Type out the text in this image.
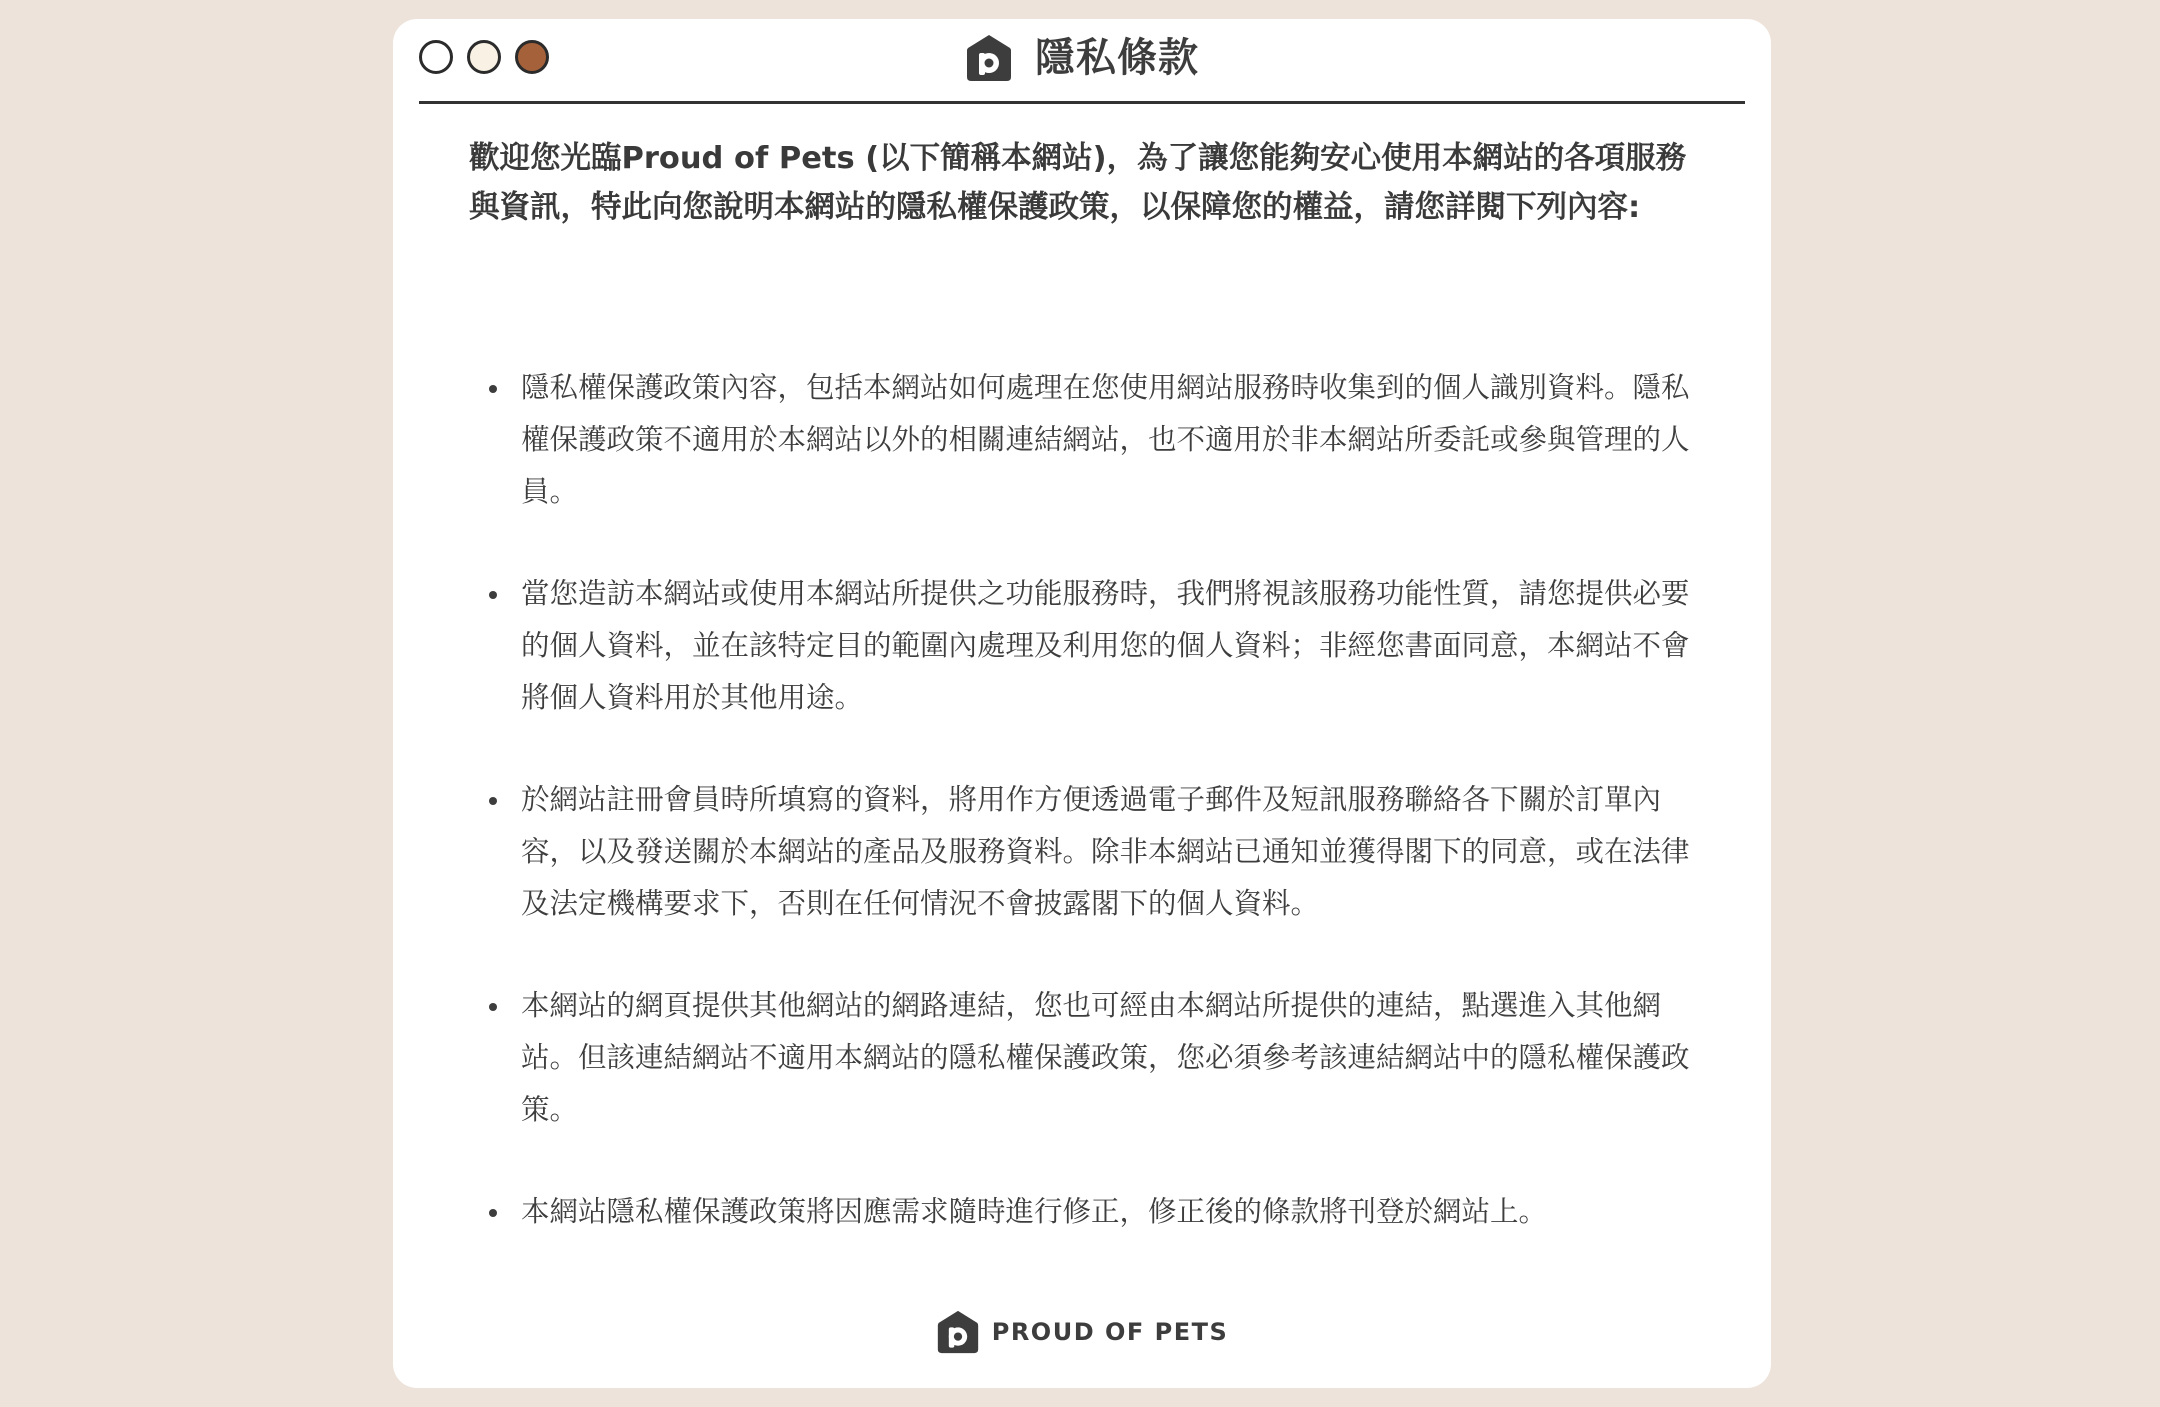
隱私條款

歡迎您光臨Proud of Pets (以下簡稱本網站)，為了讓您能夠安心使用本網站的各項服務與資訊，特此向您說明本網站的隱私權保護政策，以保障您的權益，請您詳閱下列內容:

隱私權保護政策內容，包括本網站如何處理在您使用網站服務時收集到的個人識別資料。隱私權保護政策不適用於本網站以外的相關連結網站，也不適用於非本網站所委託或參與管理的人員。
當您造訪本網站或使用本網站所提供之功能服務時，我們將視該服務功能性質，請您提供必要的個人資料，並在該特定目的範圍內處理及利用您的個人資料；非經您書面同意，本網站不會將個人資料用於其他用途。
於網站註冊會員時所填寫的資料，將用作方便透過電子郵件及短訊服務聯絡各下關於訂單內容，以及發送關於本網站的產品及服務資料。除非本網站已通知並獲得閣下的同意，或在法律及法定機構要求下，否則在任何情況不會披露閣下的個人資料。
本網站的網頁提供其他網站的網路連結，您也可經由本網站所提供的連結，點選進入其他網站。但該連結網站不適用本網站的隱私權保護政策，您必須參考該連結網站中的隱私權保護政策。
本網站隱私權保護政策將因應需求隨時進行修正，修正後的條款將刊登於網站上。
PROUD OF PETS
